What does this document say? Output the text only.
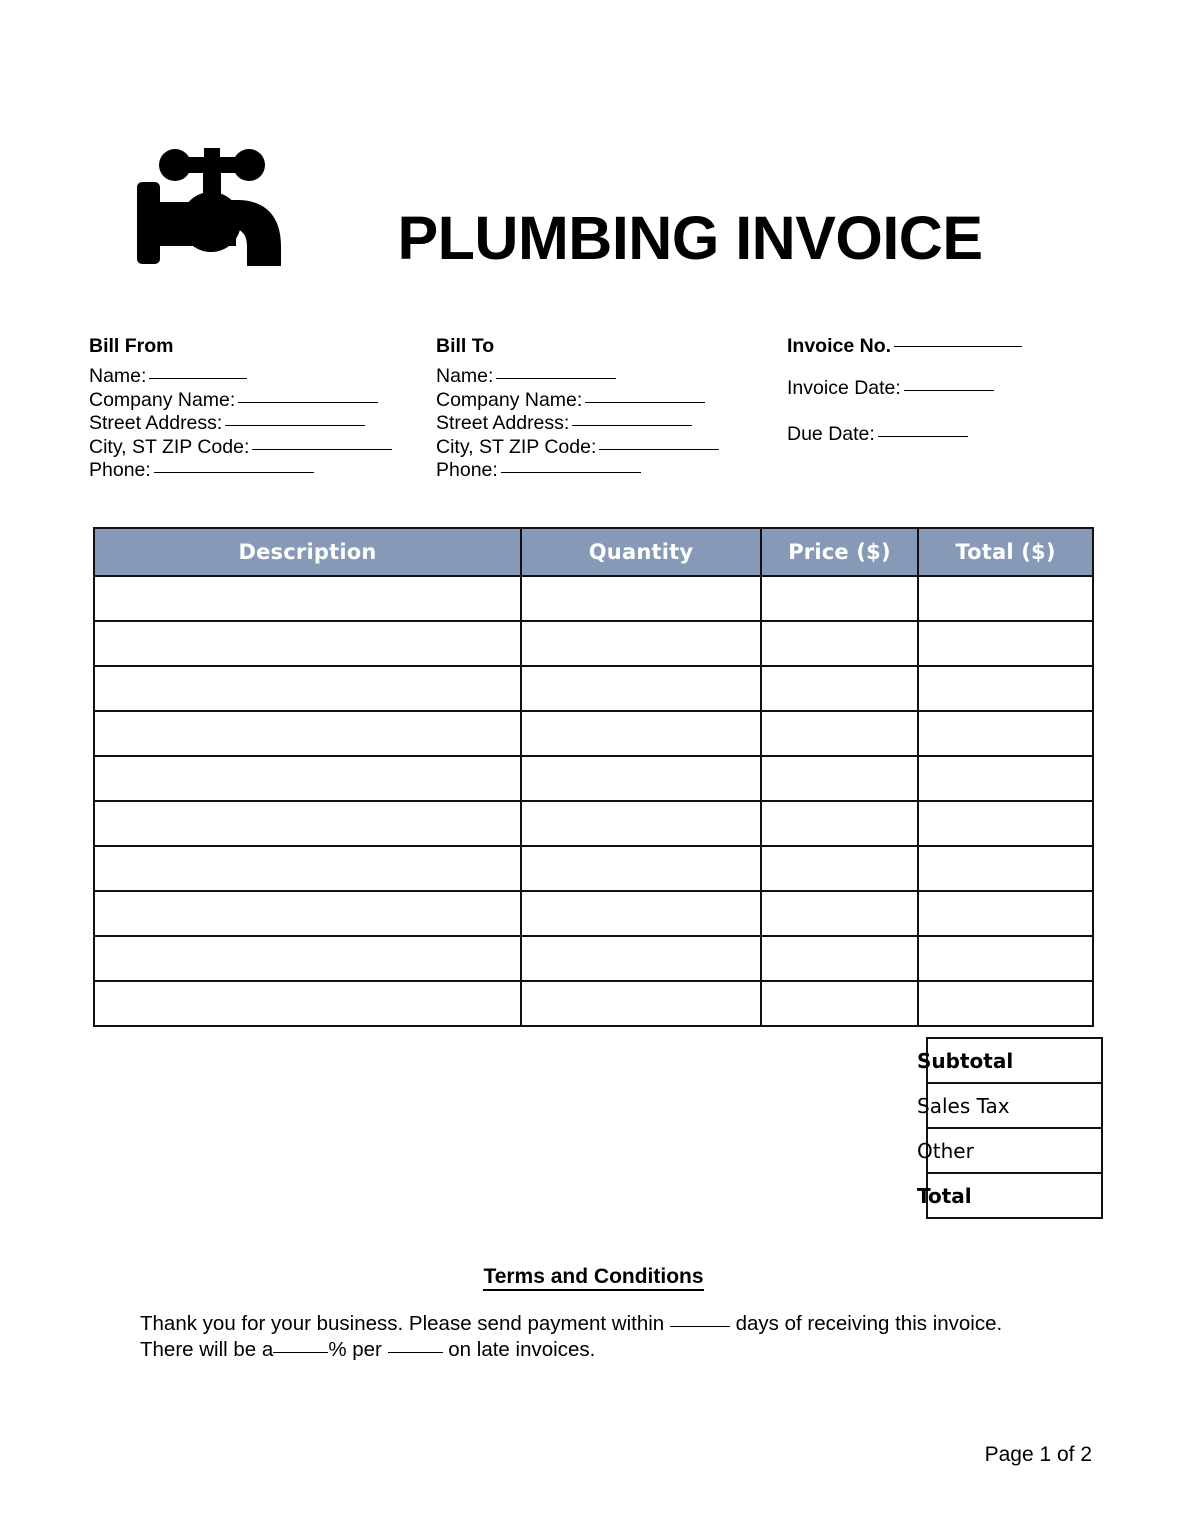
PLUMBING INVOICE
Bill From
Name:
Company Name:
Street Address:
City, ST ZIP Code:
Phone:
Bill To
Name:
Company Name:
Street Address:
City, ST ZIP Code:
Phone:
Invoice No.
Invoice Date:
Due Date:
Description	Quantity	Price ($)	Total ($)

	Subtotal	
	Sales Tax	
	Other	
	Total	
Terms and Conditions
Thank you for your business. Please send payment within	days of receiving this invoice. There will be a	% per	on late invoices.
Page 1 of 2
